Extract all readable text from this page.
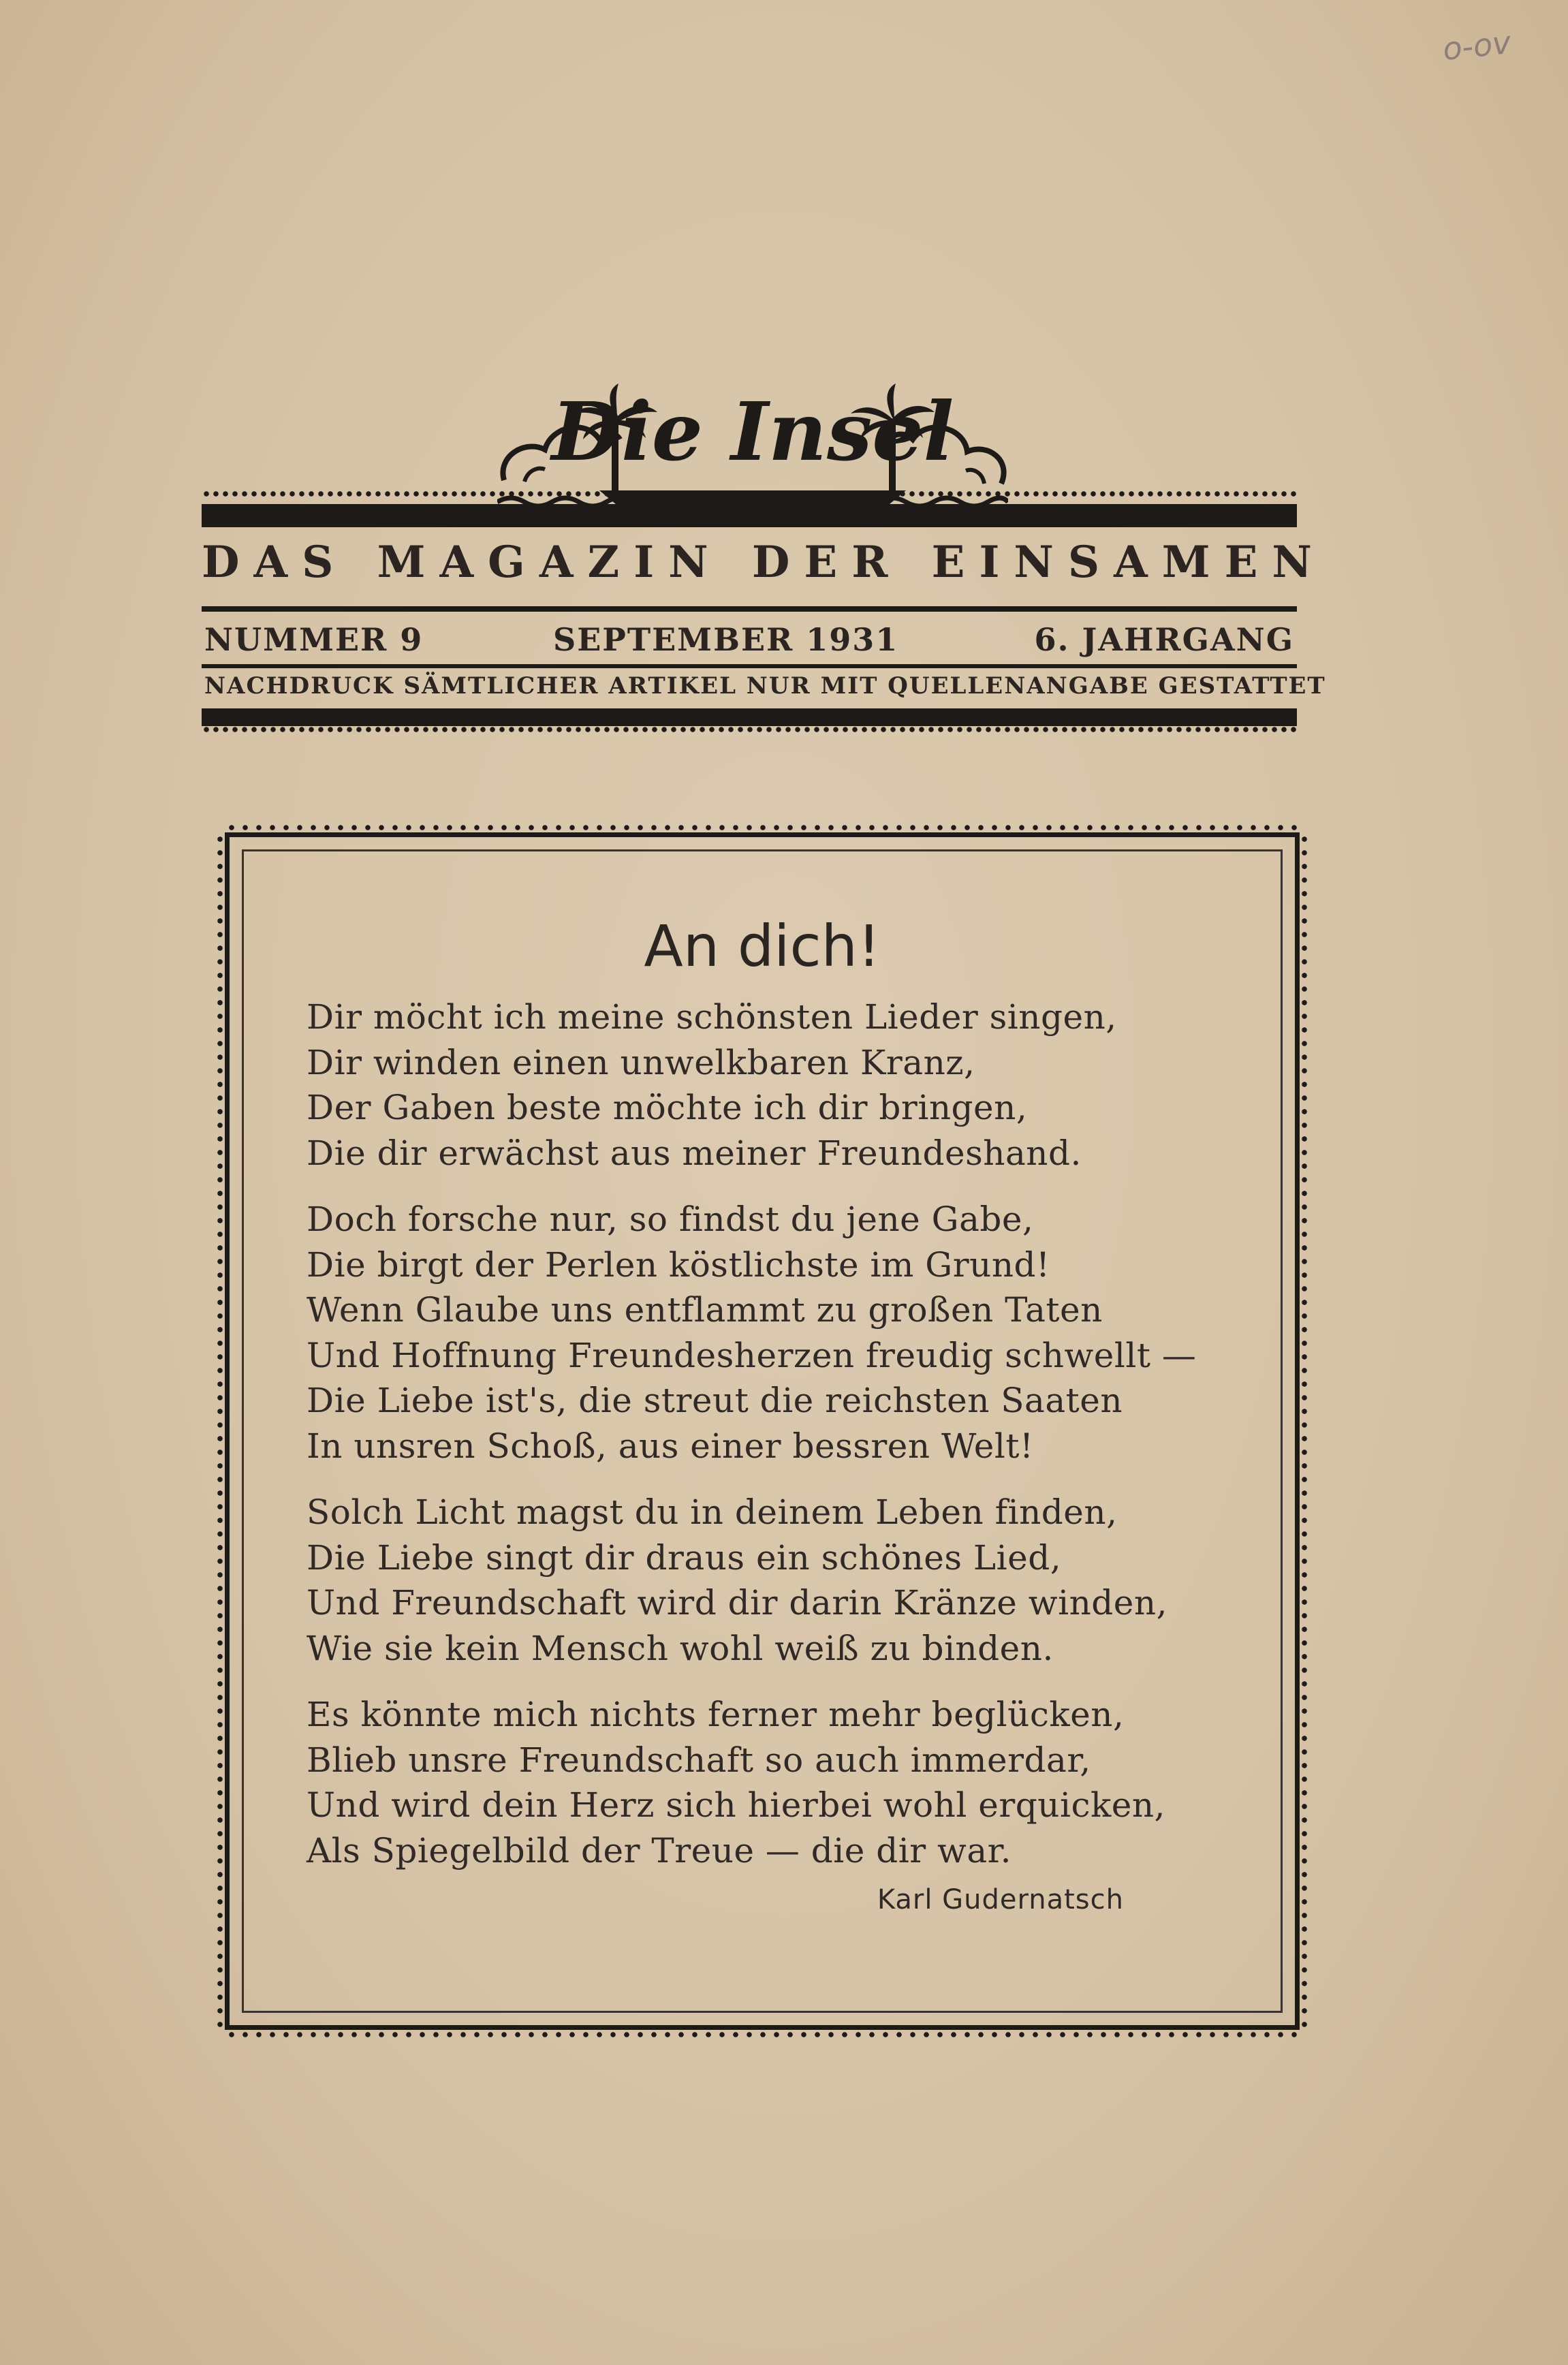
o-ov
Die Insel
DAS MAGAZIN DER EINSAMEN
NUMMER 9	SEPTEMBER 1931	6. JAHRGANG
NACHDRUCK SÄMTLICHER ARTIKEL NUR MIT QUELLENANGABE GESTATTET
An dich!
Dir möcht ich meine schönsten Lieder singen,
Dir winden einen unwelkbaren Kranz,
Der Gaben beste möchte ich dir bringen,
Die dir erwächst aus meiner Freundeshand.
Doch forsche nur, so findst du jene Gabe,
Die birgt der Perlen köstlichste im Grund!
Wenn Glaube uns entflammt zu großen Taten
Und Hoffnung Freundesherzen freudig schwellt —
Die Liebe ist's, die streut die reichsten Saaten
In unsren Schoß, aus einer bessren Welt!
Solch Licht magst du in deinem Leben finden,
Die Liebe singt dir draus ein schönes Lied,
Und Freundschaft wird dir darin Kränze winden,
Wie sie kein Mensch wohl weiß zu binden.
Es könnte mich nichts ferner mehr beglücken,
Blieb unsre Freundschaft so auch immerdar,
Und wird dein Herz sich hierbei wohl erquicken,
Als Spiegelbild der Treue — die dir war.
Karl Gudernatsch
